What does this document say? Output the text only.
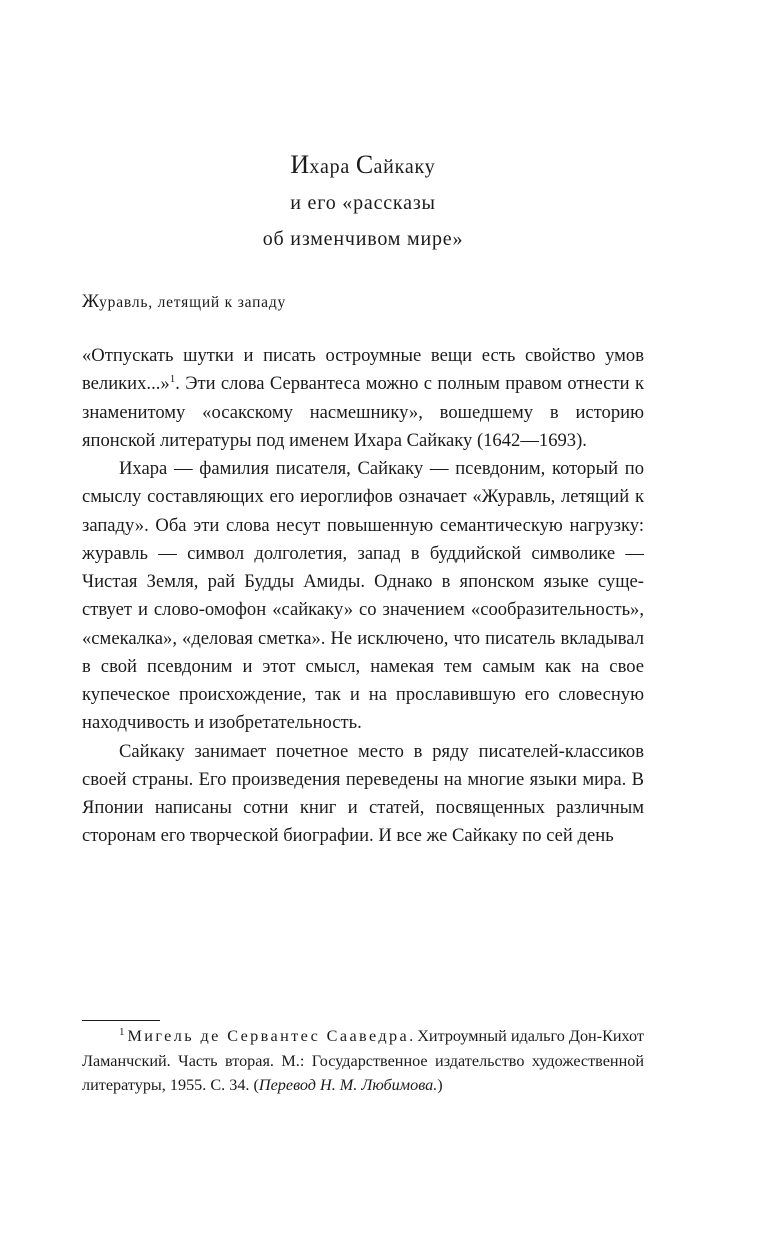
Ихара Сайкаку
и его «рассказы
об изменчивом мире»
Журавль, летящий к западу

«Отпускать шутки и писать остроумные вещи есть свойство умов великих...»$^1$. Эти слова Сервантеса можно с полным правом отнести к знаменитому «осакскому насмешнику», вошедшему в историю японской литературы под именем Ихара Сайкаку (1642—1693).

Ихара — фамилия писателя, Сайкаку — псевдоним, который по смыслу составляющих его иероглифов означает «Журавль, летящий к западу». Оба эти слова несут повышенную семантическую нагрузку: журавль — символ долголетия, запад в буддийской символике — Чистая Земля, рай Будды Амиды. Однако в японском языке существует и слово-омофон «сайкаку» со значением «сообразительность», «смекалка», «деловая сметка». Не исключено, что писатель вкладывал в свой псевдоним и этот смысл, намекая тем самым как на свое купеческое происхождение, так и на прославившую его словесную находчивость и изобретательность.

Сайкаку занимает почетное место в ряду писателей-классиков своей страны. Его произведения переведены на многие языки мира. В Японии написаны сотни книг и статей, посвященных различным сторонам его творческой биографии. И все же Сайкаку по сей день

$^1$ Мигель де Сервантес Сааведра. Хитроумный идальго Дон-Кихот Ламанчский. Часть вторая. М.: Государственное издательство художественной литературы, 1955. С. 34. (Перевод Н. М. Любимова.)
